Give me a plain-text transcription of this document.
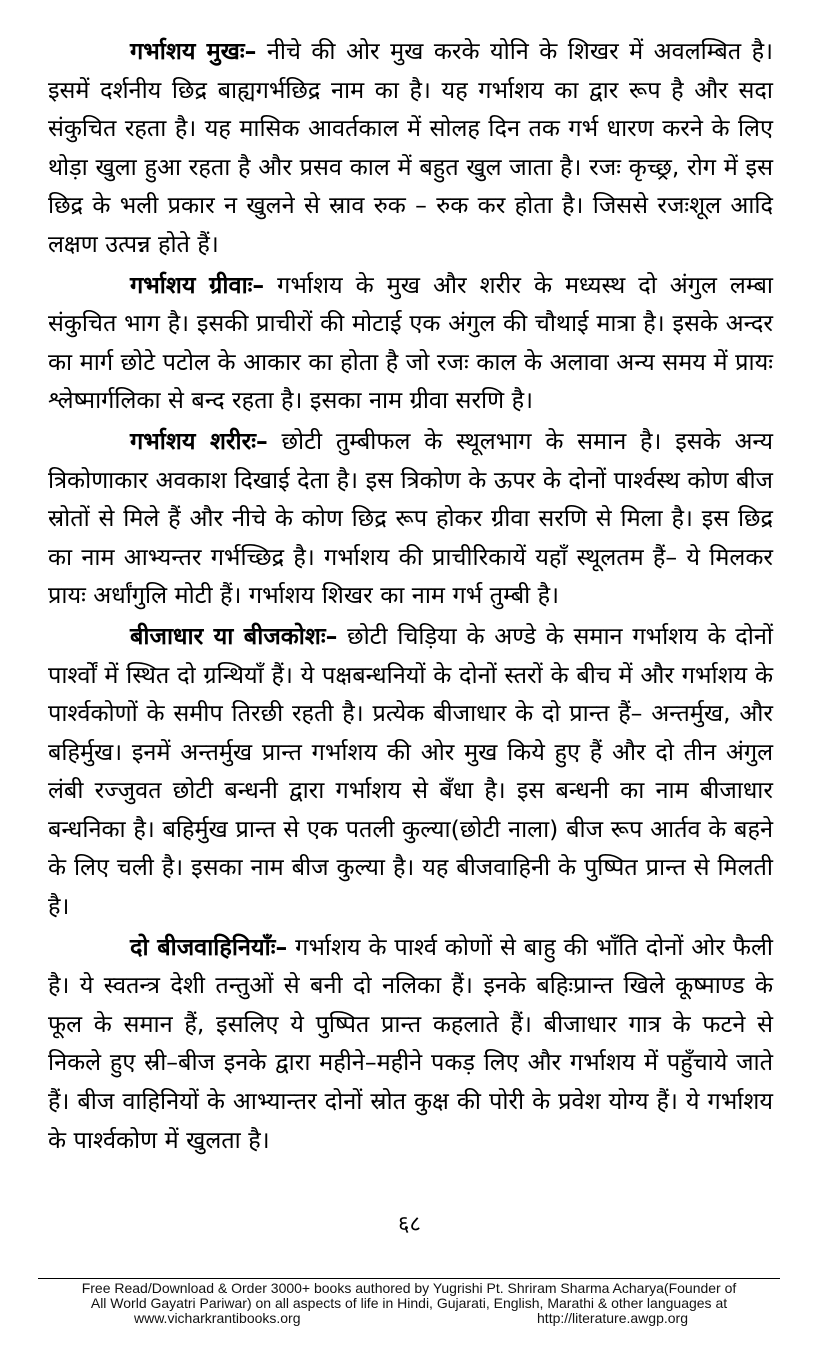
गर्भाशय मुखः– नीचे की ओर मुख करके योनि के शिखर में अवलम्बित है। इसमें दर्शनीय छिद्र बाह्यगर्भछिद्र नाम का है। यह गर्भाशय का द्वार रूप है और सदा संकुचित रहता है। यह मासिक आवर्तकाल में सोलह दिन तक गर्भ धारण करने के लिए थोड़ा खुला हुआ रहता है और प्रसव काल में बहुत खुल जाता है। रजः कृच्छ्र, रोग में इस छिद्र के भली प्रकार न खुलने से स्राव रुक – रुक कर होता है। जिससे रजःशूल आदि लक्षण उत्पन्न होते हैं।

गर्भाशय ग्रीवाः– गर्भाशय के मुख और शरीर के मध्यस्थ दो अंगुल लम्बा संकुचित भाग है। इसकी प्राचीरों की मोटाई एक अंगुल की चौथाई मात्रा है। इसके अन्दर का मार्ग छोटे पटोल के आकार का होता है जो रजः काल के अलावा अन्य समय में प्रायः श्लेष्मार्गलिका से बन्द रहता है। इसका नाम ग्रीवा सरणि है।

गर्भाशय शरीरः– छोटी तुम्बीफल के स्थूलभाग के समान है। इसके अन्य त्रिकोणाकार अवकाश दिखाई देता है। इस त्रिकोण के ऊपर के दोनों पार्श्वस्थ कोण बीज स्रोतों से मिले हैं और नीचे के कोण छिद्र रूप होकर ग्रीवा सरणि से मिला है। इस छिद्र का नाम आभ्यन्तर गर्भच्छिद्र है। गर्भाशय की प्राचीरिकायें यहाँ स्थूलतम हैं– ये मिलकर प्रायः अर्धांगुलि मोटी हैं। गर्भाशय शिखर का नाम गर्भ तुम्बी है।

बीजाधार या बीजकोशः– छोटी चिड़िया के अण्डे के समान गर्भाशय के दोनों पार्श्वों में स्थित दो ग्रन्थियाँ हैं। ये पक्षबन्धनियों के दोनों स्तरों के बीच में और गर्भाशय के पार्श्वकोणों के समीप तिरछी रहती है। प्रत्येक बीजाधार के दो प्रान्त हैं– अन्तर्मुख, और बहिर्मुख। इनमें अन्तर्मुख प्रान्त गर्भाशय की ओर मुख किये हुए हैं और दो तीन अंगुल लंबी रज्जुवत छोटी बन्धनी द्वारा गर्भाशय से बँधा है। इस बन्धनी का नाम बीजाधार बन्धनिका है। बहिर्मुख प्रान्त से एक पतली कुल्या(छोटी नाला) बीज रूप आर्तव के बहने के लिए चली है। इसका नाम बीज कुल्या है। यह बीजवाहिनी के पुष्पित प्रान्त से मिलती है।

दो बीजवाहिनियाँः– गर्भाशय के पार्श्व कोणों से बाहु की भाँति दोनों ओर फैली है। ये स्वतन्त्र देशी तन्तुओं से बनी दो नलिका हैं। इनके बहिःप्रान्त खिले कूष्माण्ड के फूल के समान हैं, इसलिए ये पुष्पित प्रान्त कहलाते हैं। बीजाधार गात्र के फटने से निकले हुए स्री–बीज इनके द्वारा महीने–महीने पकड़ लिए और गर्भाशय में पहुँचाये जाते हैं। बीज वाहिनियों के आभ्यान्तर दोनों स्रोत कुक्ष की पोरी के प्रवेश योग्य हैं। ये गर्भाशय के पार्श्वकोण में खुलता है।

६८
Free Read/Download & Order 3000+ books authored by Yugrishi Pt. Shriram Sharma Acharya(Founder of
All World Gayatri Pariwar) on all aspects of life in Hindi, Gujarati, English, Marathi & other languages at
www.vicharkrantibooks.org	http://literature.awgp.org
